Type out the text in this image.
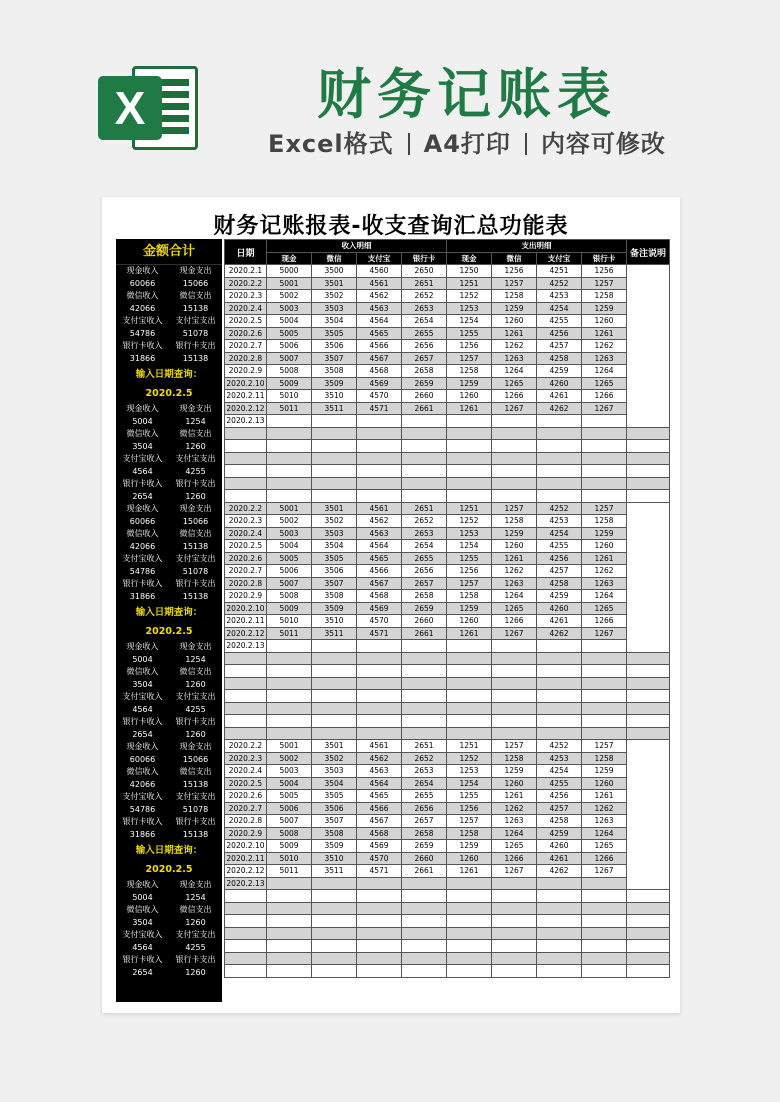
X	财务记账表
Excel格式 A4打印 内容可修改
财务记账报表-收支查询汇总功能表
金额合计
现金收入	现金支出
60066	15066
微信收入	微信支出
42066	15138
支付宝收入	支付宝支出
54786	51078
银行卡收入	银行卡支出
31866	15138
输入日期查询：
2020.2.5
现金收入	现金支出
5004	1254
微信收入	微信支出
3504	1260
支付宝收入	支付宝支出
4564	4255
银行卡收入	银行卡支出
2654	1260
现金收入	现金支出
60066	15066
微信收入	微信支出
42066	15138
支付宝收入	支付宝支出
54786	51078
银行卡收入	银行卡支出
31866	15138
输入日期查询：
2020.2.5
现金收入	现金支出
5004	1254
微信收入	微信支出
3504	1260
支付宝收入	支付宝支出
4564	4255
银行卡收入	银行卡支出
2654	1260
现金收入	现金支出
60066	15066
微信收入	微信支出
42066	15138
支付宝收入	支付宝支出
54786	51078
银行卡收入	银行卡支出
31866	15138
输入日期查询：
2020.2.5
现金收入	现金支出
5004	1254
微信收入	微信支出
3504	1260
支付宝收入	支付宝支出
4564	4255
银行卡收入	银行卡支出
2654	1260
日期	收入明细				支出明细				备注说明
	现金	微信	支付宝	银行卡	现金	微信	支付宝	银行卡	
2020.2.1	5000	3500	4560	2650	1250	1256	4251	1256	
2020.2.2	5001	3501	4561	2651	1251	1257	4252	1257	
2020.2.3	5002	3502	4562	2652	1252	1258	4253	1258	
2020.2.4	5003	3503	4563	2653	1253	1259	4254	1259	
2020.2.5	5004	3504	4564	2654	1254	1260	4255	1260	
2020.2.6	5005	3505	4565	2655	1255	1261	4256	1261	
2020.2.7	5006	3506	4566	2656	1256	1262	4257	1262	
2020.2.8	5007	3507	4567	2657	1257	1263	4258	1263	
2020.2.9	5008	3508	4568	2658	1258	1264	4259	1264	
2020.2.10	5009	3509	4569	2659	1259	1265	4260	1265	
2020.2.11	5010	3510	4570	2660	1260	1266	4261	1266	
2020.2.12	5011	3511	4571	2661	1261	1267	4262	1267	
2020.2.13									

2020.2.2	5001	3501	4561	2651	1251	1257	4252	1257	
2020.2.3	5002	3502	4562	2652	1252	1258	4253	1258	
2020.2.4	5003	3503	4563	2653	1253	1259	4254	1259	
2020.2.5	5004	3504	4564	2654	1254	1260	4255	1260	
2020.2.6	5005	3505	4565	2655	1255	1261	4256	1261	
2020.2.7	5006	3506	4566	2656	1256	1262	4257	1262	
2020.2.8	5007	3507	4567	2657	1257	1263	4258	1263	
2020.2.9	5008	3508	4568	2658	1258	1264	4259	1264	
2020.2.10	5009	3509	4569	2659	1259	1265	4260	1265	
2020.2.11	5010	3510	4570	2660	1260	1266	4261	1266	
2020.2.12	5011	3511	4571	2661	1261	1267	4262	1267	
2020.2.13									

2020.2.2	5001	3501	4561	2651	1251	1257	4252	1257	
2020.2.3	5002	3502	4562	2652	1252	1258	4253	1258	
2020.2.4	5003	3503	4563	2653	1253	1259	4254	1259	
2020.2.5	5004	3504	4564	2654	1254	1260	4255	1260	
2020.2.6	5005	3505	4565	2655	1255	1261	4256	1261	
2020.2.7	5006	3506	4566	2656	1256	1262	4257	1262	
2020.2.8	5007	3507	4567	2657	1257	1263	4258	1263	
2020.2.9	5008	3508	4568	2658	1258	1264	4259	1264	
2020.2.10	5009	3509	4569	2659	1259	1265	4260	1265	
2020.2.11	5010	3510	4570	2660	1260	1266	4261	1266	
2020.2.12	5011	3511	4571	2661	1261	1267	4262	1267	
2020.2.13									
